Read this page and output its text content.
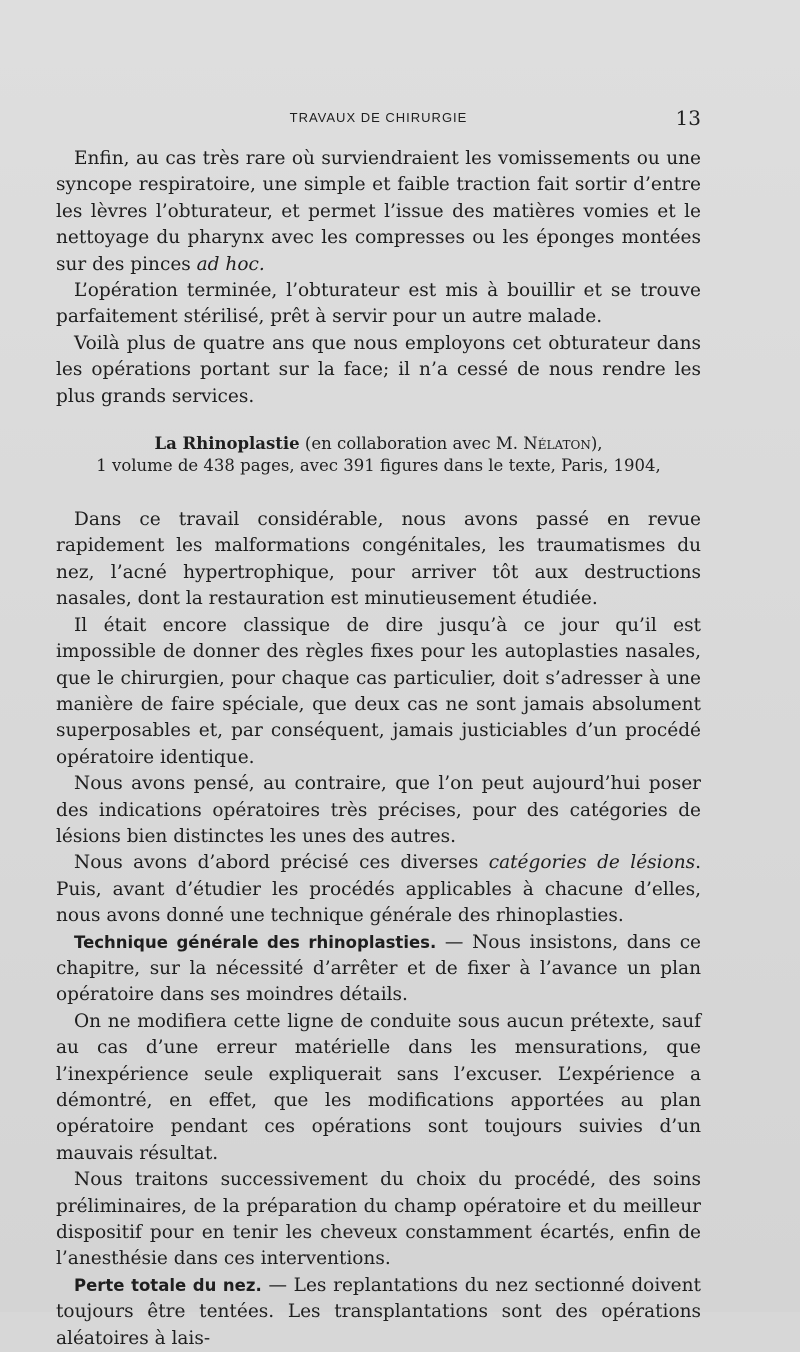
TRAVAUX DE CHIRURGIE	13

Enfin, au cas très rare où surviendraient les vomissements ou une syncope respiratoire, une simple et faible traction fait sortir d’entre les lèvres l’obturateur, et permet l’issue des matières vomies et le nettoyage du pharynx avec les compresses ou les éponges montées sur des pinces ad hoc.

L’opération terminée, l’obturateur est mis à bouillir et se trouve parfaitement stérilisé, prêt à servir pour un autre malade.

Voilà plus de quatre ans que nous employons cet obturateur dans les opérations portant sur la face; il n’a cessé de nous rendre les plus grands services.

La Rhinoplastie (en collaboration avec M. Nélaton),
1 volume de 438 pages, avec 391 figures dans le texte, Paris, 1904,

Dans ce travail considérable, nous avons passé en revue rapidement les malformations congénitales, les traumatismes du nez, l’acné hypertrophique, pour arriver tôt aux destructions nasales, dont la restauration est minutieusement étudiée.

Il était encore classique de dire jusqu’à ce jour qu’il est impossible de donner des règles fixes pour les autoplasties nasales, que le chirurgien, pour chaque cas particulier, doit s’adresser à une manière de faire spéciale, que deux cas ne sont jamais absolument superposables et, par conséquent, jamais justiciables d’un procédé opératoire identique.

Nous avons pensé, au contraire, que l’on peut aujourd’hui poser des indications opératoires très précises, pour des catégories de lésions bien distinctes les unes des autres.

Nous avons d’abord précisé ces diverses catégories de lésions. Puis, avant d’étudier les procédés applicables à chacune d’elles, nous avons donné une technique générale des rhinoplasties.

Technique générale des rhinoplasties. — Nous insistons, dans ce chapitre, sur la nécessité d’arrêter et de fixer à l’avance un plan opératoire dans ses moindres détails.

On ne modifiera cette ligne de conduite sous aucun prétexte, sauf au cas d’une erreur matérielle dans les mensurations, que l’inexpérience seule expliquerait sans l’excuser. L’expérience a démontré, en effet, que les modifications apportées au plan opératoire pendant ces opérations sont toujours suivies d’un mauvais résultat.

Nous traitons successivement du choix du procédé, des soins préliminaires, de la préparation du champ opératoire et du meilleur dispositif pour en tenir les cheveux constamment écartés, enfin de l’anesthésie dans ces interventions.

Perte totale du nez. — Les replantations du nez sectionné doivent toujours être tentées. Les transplantations sont des opérations aléatoires à lais-
